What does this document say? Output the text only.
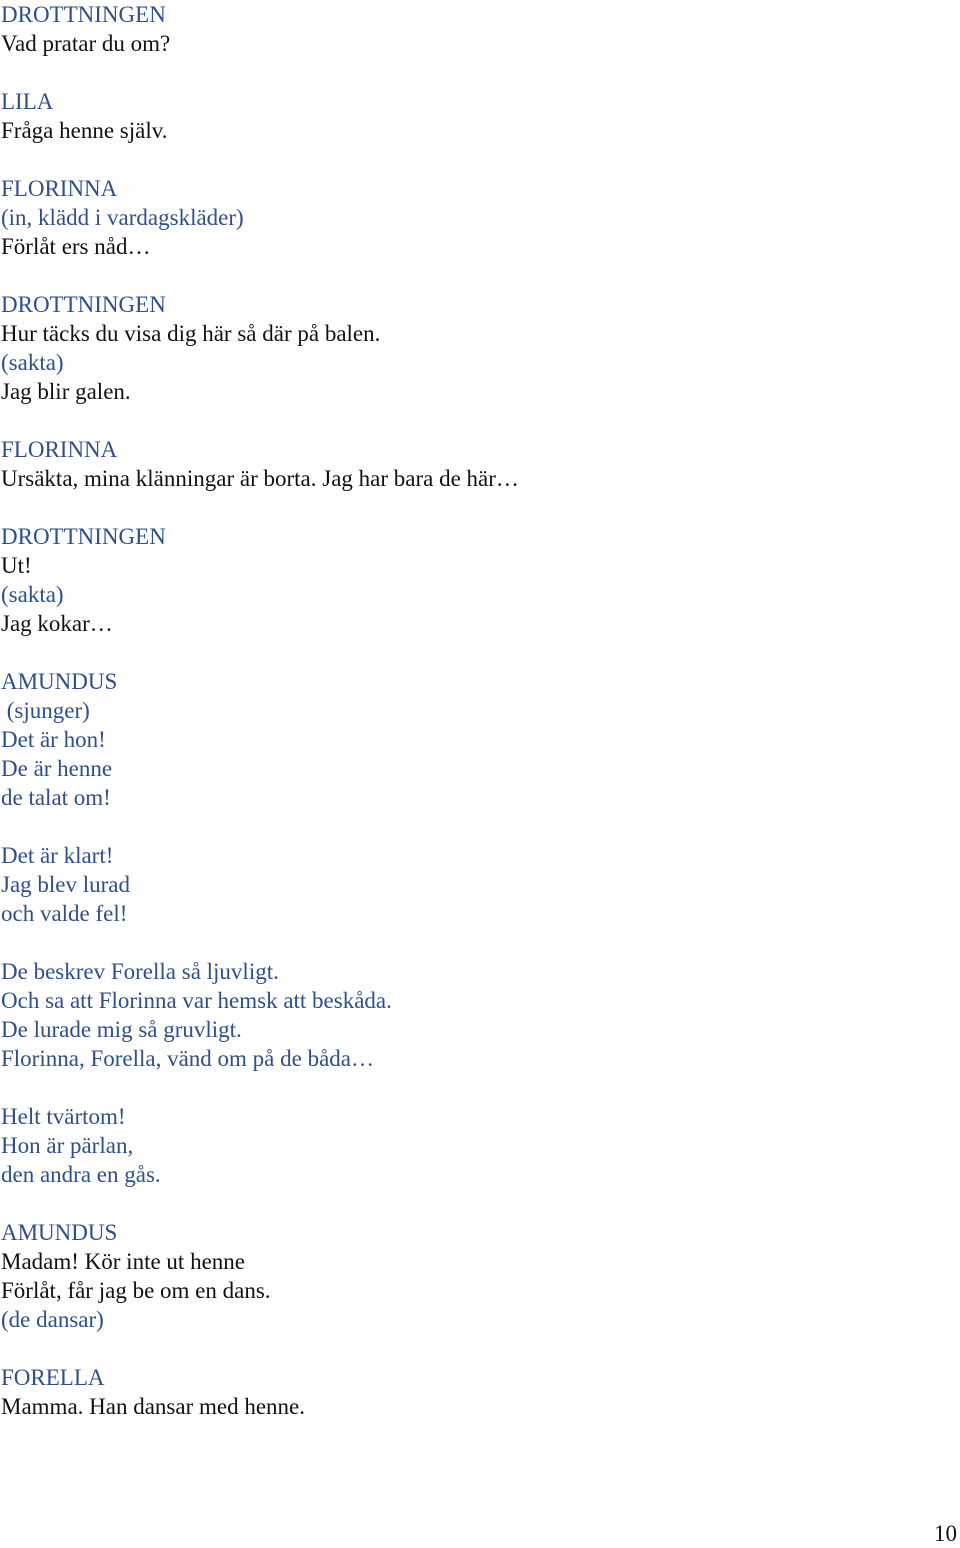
DROTTNINGEN
Vad pratar du om?
LILA
Fråga henne själv.
FLORINNA
(in, klädd i vardagskläder)
Förlåt ers nåd…
DROTTNINGEN
Hur täcks du visa dig här så där på balen.
(sakta)
Jag blir galen.
FLORINNA
Ursäkta, mina klänningar är borta. Jag har bara de här…
DROTTNINGEN
Ut!
(sakta)
Jag kokar…
AMUNDUS
(sjunger)
Det är hon!
De är henne
de talat om!
Det är klart!
Jag blev lurad
och valde fel!
De beskrev Forella så ljuvligt.
Och sa att Florinna var hemsk att beskåda.
De lurade mig så gruvligt.
Florinna, Forella, vänd om på de båda…
Helt tvärtom!
Hon är pärlan,
den andra en gås.
AMUNDUS
Madam! Kör inte ut henne
Förlåt, får jag be om en dans.
(de dansar)
FORELLA
Mamma. Han dansar med henne.
10
